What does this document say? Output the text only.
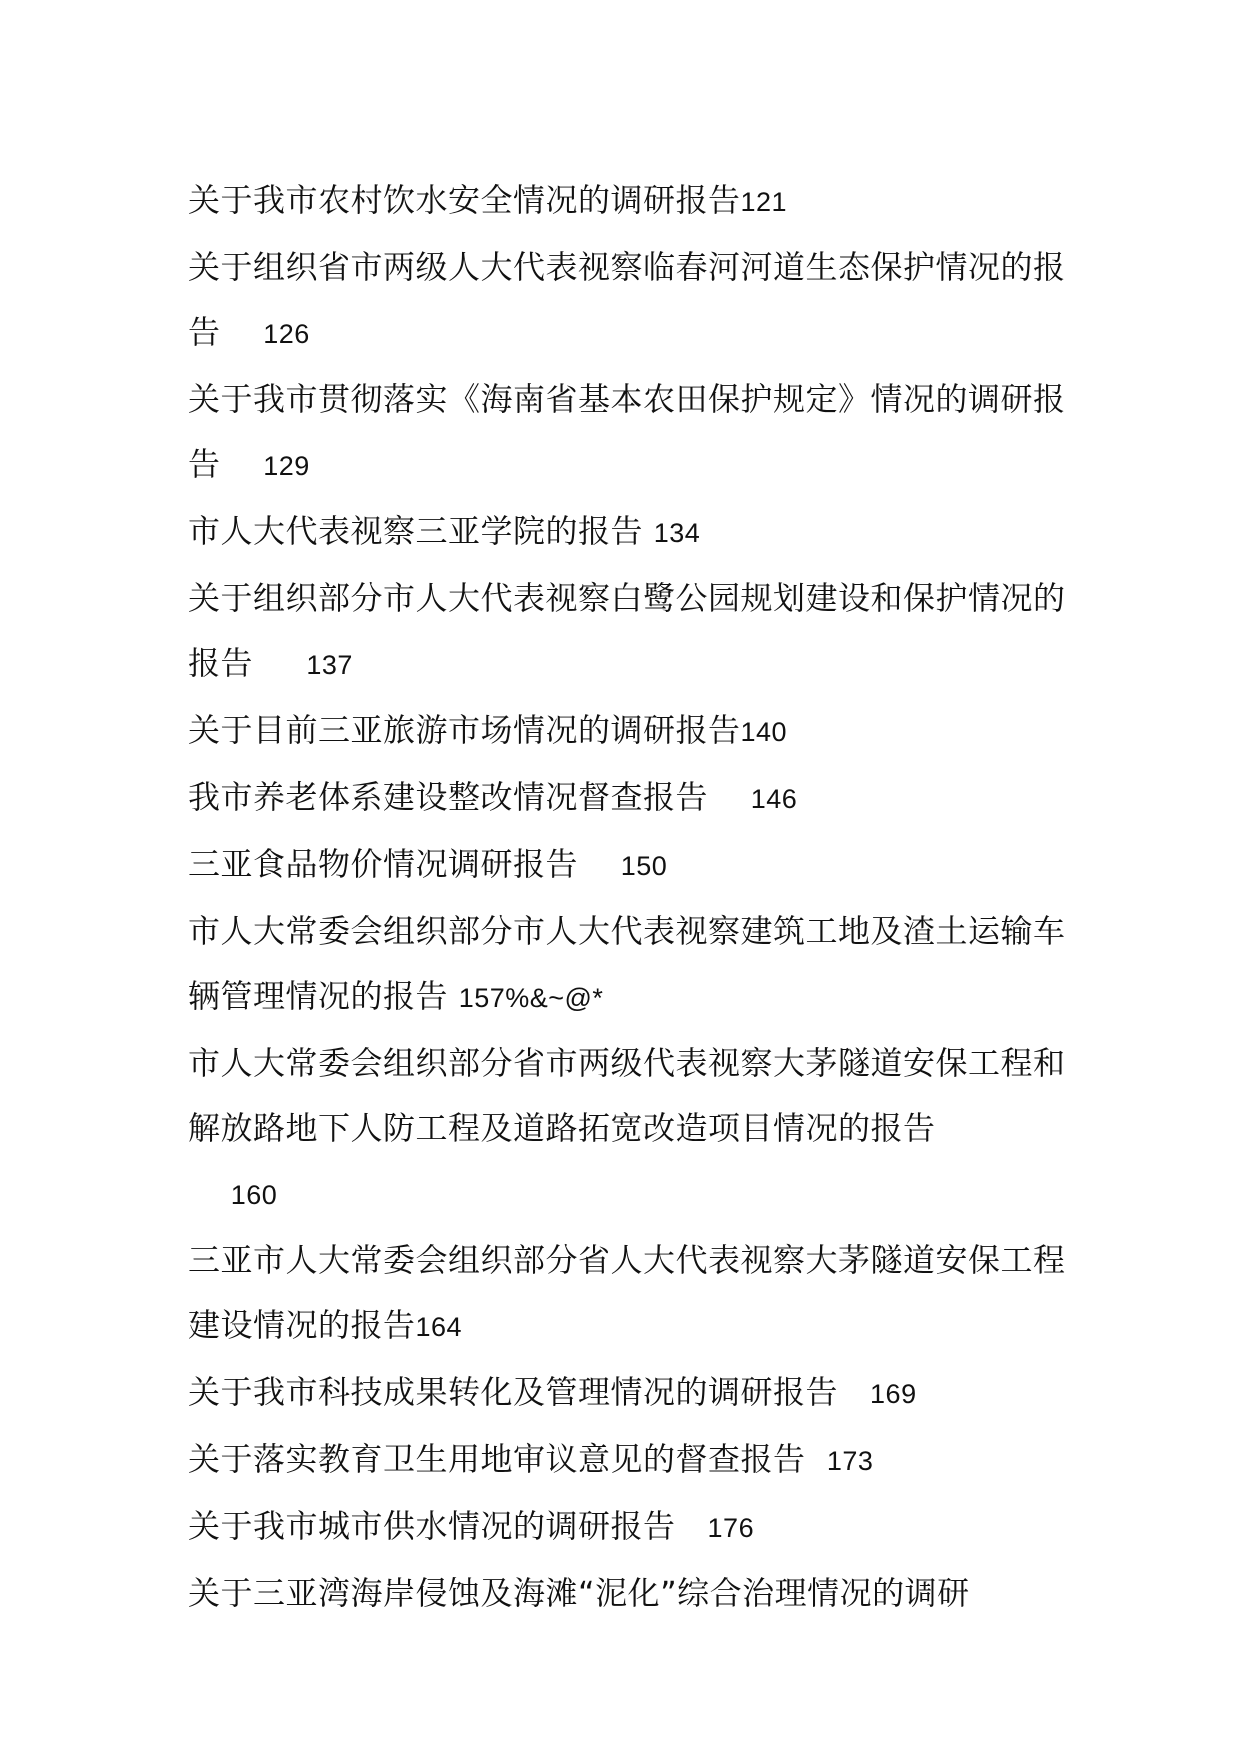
关于我市农村饮水安全情况的调研报告121

关于组织省市两级人大代表视察临春河河道生态保护情况的报告 126

关于我市贯彻落实《海南省基本农田保护规定》情况的调研报告 129

市人大代表视察三亚学院的报告 134

关于组织部分市人大代表视察白鹭公园规划建设和保护情况的报告 137

关于目前三亚旅游市场情况的调研报告140

我市养老体系建设整改情况督查报告 146

三亚食品物价情况调研报告 150

市人大常委会组织部分市人大代表视察建筑工地及渣土运输车辆管理情况的报告 157%&~@*

市人大常委会组织部分省市两级代表视察大茅隧道安保工程和解放路地下人防工程及道路拓宽改造项目情况的报告
160

三亚市人大常委会组织部分省人大代表视察大茅隧道安保工程建设情况的报告164

关于我市科技成果转化及管理情况的调研报告 169

关于落实教育卫生用地审议意见的督查报告 173

关于我市城市供水情况的调研报告 176

关于三亚湾海岸侵蚀及海滩“泥化”综合治理情况的调研
